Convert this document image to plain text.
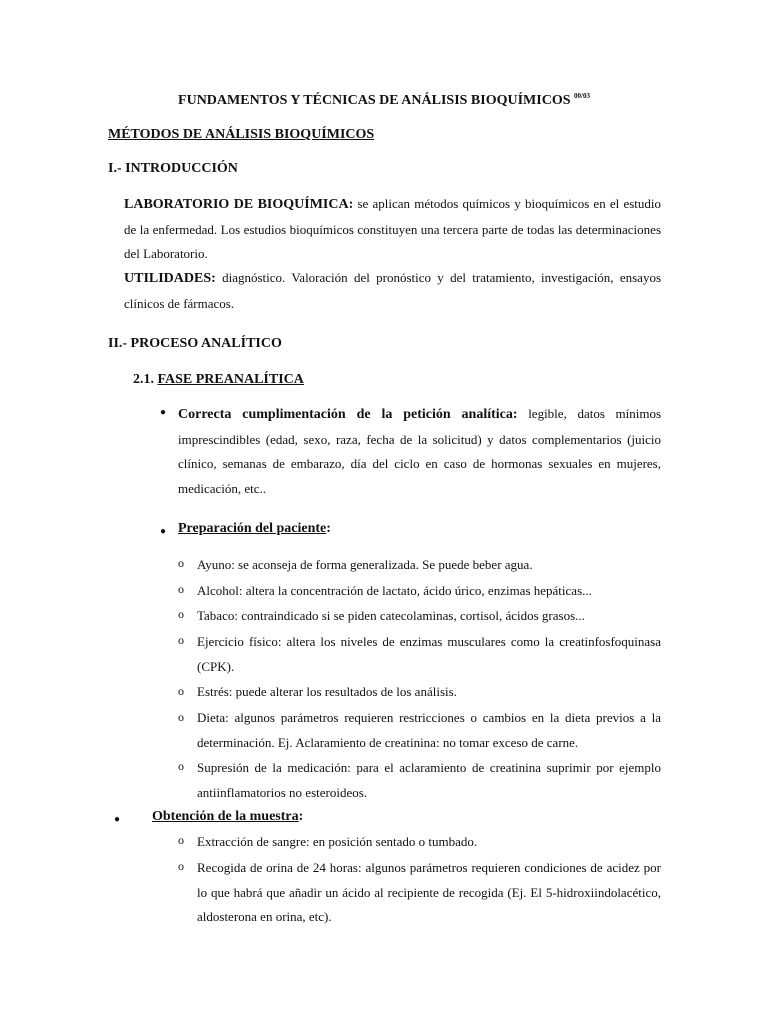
FUNDAMENTOS Y TÉCNICAS DE ANÁLISIS BIOQUÍMICOS $^{00/03}$
MÉTODOS DE ANÁLISIS BIOQUÍMICOS
I.- INTRODUCCIÓN
LABORATORIO DE BIOQUÍMICA: se aplican métodos químicos y bioquímicos en el estudio de la enfermedad. Los estudios bioquímicos constituyen una tercera parte de todas las determinaciones del Laboratorio.
UTILIDADES: diagnóstico. Valoración del pronóstico y del tratamiento, investigación, ensayos clínicos de fármacos.
II.- PROCESO ANALÍTICO
2.1. FASE PREANALÍTICA
● Correcta cumplimentación de la petición analítica: legible, datos mínimos imprescindibles (edad, sexo, raza, fecha de la solicitud) y datos complementarios (juicio clínico, semanas de embarazo, día del ciclo en caso de hormonas sexuales en mujeres, medicación, etc..
● Preparación del paciente:
o Ayuno: se aconseja de forma generalizada. Se puede beber agua.
o Alcohol: altera la concentración de lactato, ácido úrico, enzimas hepáticas...
o Tabaco: contraindicado si se piden catecolaminas, cortisol, ácidos grasos...
o Ejercicio físico: altera los niveles de enzimas musculares como la creatinfosfoquinasa (CPK).
o Estrés: puede alterar los resultados de los análisis.
o Dieta: algunos parámetros requieren restricciones o cambios en la dieta previos a la determinación. Ej. Aclaramiento de creatinina: no tomar exceso de carne.
o Supresión de la medicación: para el aclaramiento de creatinina suprimir por ejemplo antiinflamatorios no esteroideos.
● Obtención de la muestra:
o Extracción de sangre: en posición sentado o tumbado.
o Recogida de orina de 24 horas: algunos parámetros requieren condiciones de acidez por lo que habrá que añadir un ácido al recipiente de recogida (Ej. El 5-hidroxiindolacético, aldosterona en orina, etc).
